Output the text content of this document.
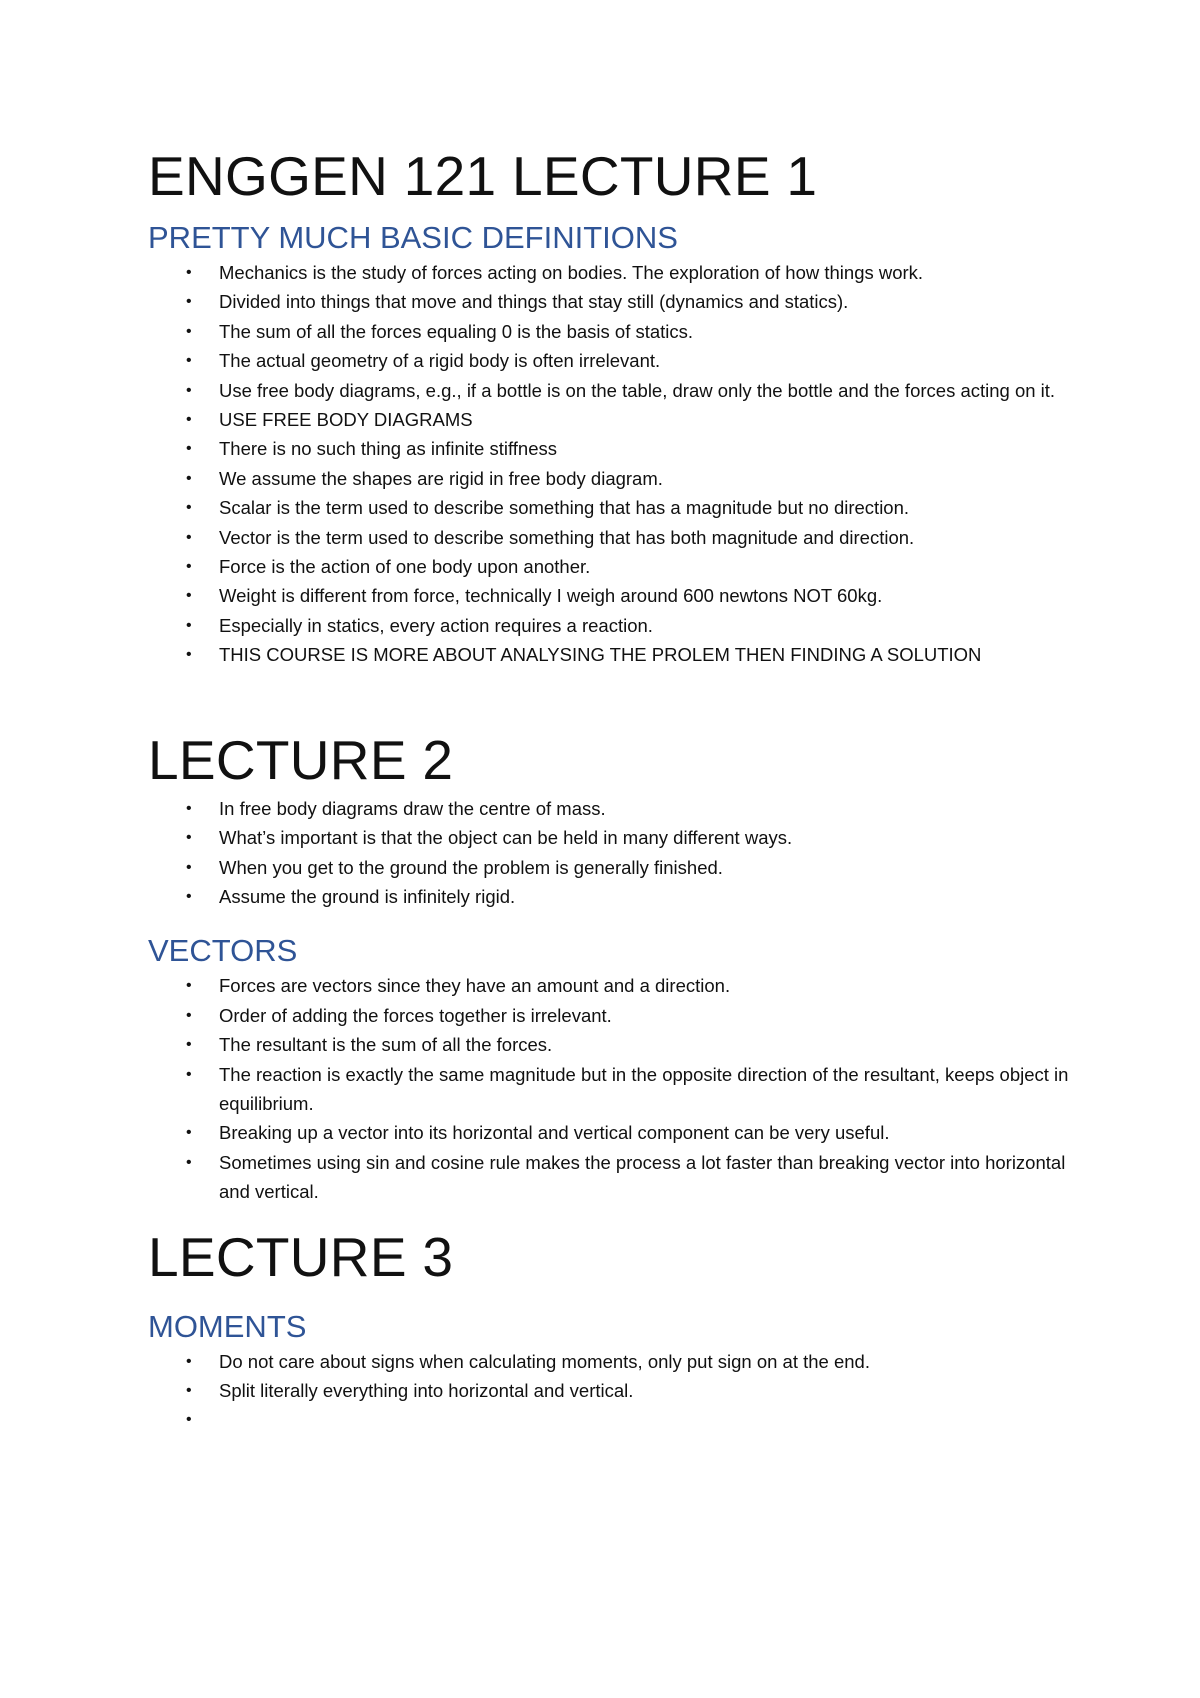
ENGGEN 121 LECTURE 1
PRETTY MUCH BASIC DEFINITIONS
• Mechanics is the study of forces acting on bodies. The exploration of how things work.
• Divided into things that move and things that stay still (dynamics and statics).
• The sum of all the forces equaling 0 is the basis of statics.
• The actual geometry of a rigid body is often irrelevant.
• Use free body diagrams, e.g., if a bottle is on the table, draw only the bottle and the forces acting on it.
• USE FREE BODY DIAGRAMS
• There is no such thing as infinite stiffness
• We assume the shapes are rigid in free body diagram.
• Scalar is the term used to describe something that has a magnitude but no direction.
• Vector is the term used to describe something that has both magnitude and direction.
• Force is the action of one body upon another.
• Weight is different from force, technically I weigh around 600 newtons NOT 60kg.
• Especially in statics, every action requires a reaction.
• THIS COURSE IS MORE ABOUT ANALYSING THE PROLEM THEN FINDING A SOLUTION
LECTURE 2
• In free body diagrams draw the centre of mass.
• What’s important is that the object can be held in many different ways.
• When you get to the ground the problem is generally finished.
• Assume the ground is infinitely rigid.
VECTORS
• Forces are vectors since they have an amount and a direction.
• Order of adding the forces together is irrelevant.
• The resultant is the sum of all the forces.
• The reaction is exactly the same magnitude but in the opposite direction of the resultant, keeps object in equilibrium.
• Breaking up a vector into its horizontal and vertical component can be very useful.
• Sometimes using sin and cosine rule makes the process a lot faster than breaking vector into horizontal and vertical.
LECTURE 3
MOMENTS
• Do not care about signs when calculating moments, only put sign on at the end.
• Split literally everything into horizontal and vertical.
•
